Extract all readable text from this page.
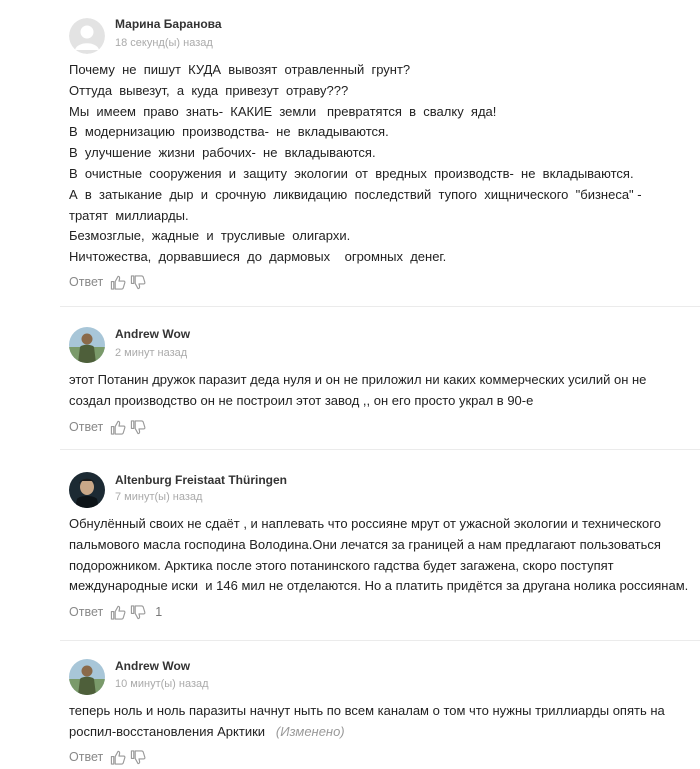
Марина Баранова
18 секунд(ы) назад

Почему  не  пишут  КУДА  вывозят  отравленный  грунт?

Оттуда  вывезут,  а  куда  привезут  отраву???

Мы  имеем  право  знать-  КАКИЕ  земли   превратятся  в  свалку  яда!

В  модернизацию  производства-  не  вкладываются.

В  улучшение  жизни  рабочих-  не  вкладываются.

В  очистные  сооружения  и  защиту  экологии  от  вредных  производств-  не  вкладываются.

А  в  затыкание  дыр  и  срочную  ликвидацию  последствий  тупого  хищнического  "бизнеса" -

тратят  миллиарды.

Безмозглые,  жадные  и  трусливые  олигархи.

Ничтожества,  дорвавшиеся  до  дармовых    огромных  денег.

Ответ
Andrew Wow
2 минут назад

этот Потанин дружок паразит деда нуля и он не приложил ни каких коммерческих усилий он не

создал производство он не построил этот завод ,, он его просто украл в 90-е

Ответ
Altenburg Freistaat Thüringen
7 минут(ы) назад

Обнулённый своих не сдаёт , и наплевать что россияне мрут от ужасной экологии и технического

пальмового масла господина Володина.Они лечатся за границей а нам предлагают пользоваться

подорожником. Арктика после этого потанинского гадства будет загажена, скоро поступят

международные иски  и 146 мил не отделаются. Но а платить придётся за другана нолика россиянам.

Ответ	1
Andrew Wow
10 минут(ы) назад

теперь ноль и ноль паразиты начнут ныть по всем каналам о том что нужны триллиарды опять на

роспил-восстановления Арктики (Изменено)

Ответ
